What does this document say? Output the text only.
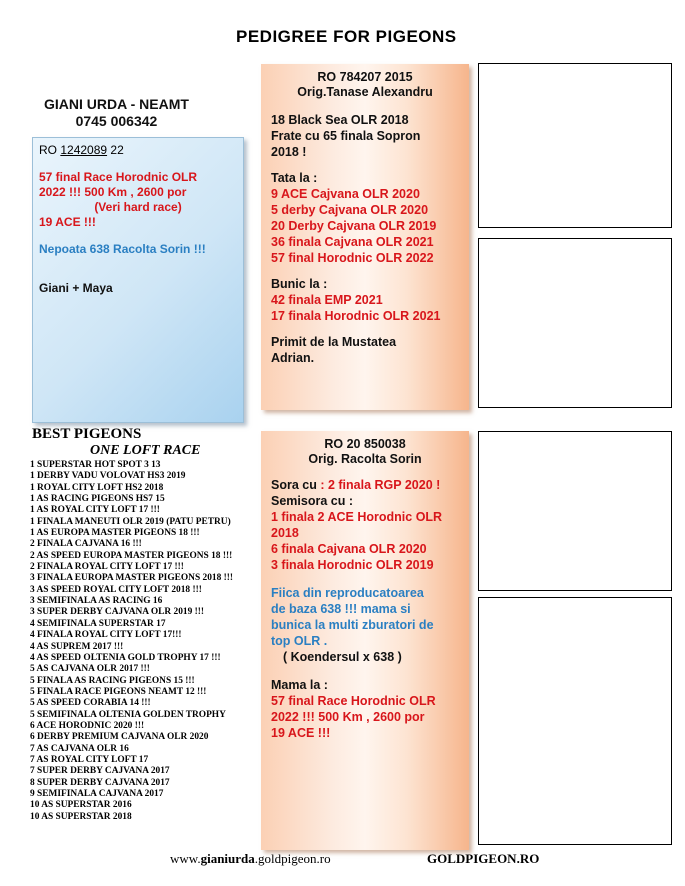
PEDIGREE FOR PIGEONS
GIANI URDA - NEAMT
0745 006342
RO 1242089 22
57 final Race Horodnic OLR
2022 !!! 500 Km , 2600 por
(Veri hard race)
19 ACE !!!
Nepoata 638 Racolta Sorin !!!
Giani + Maya
RO 784207 2015
Orig.Tanase Alexandru
18 Black Sea OLR 2018
Frate cu 65 finala Sopron
2018 !
Tata la :
9 ACE Cajvana OLR 2020
5 derby Cajvana OLR 2020
20 Derby Cajvana OLR 2019
36 finala Cajvana OLR 2021
57 final Horodnic OLR 2022
Bunic la :
42 finala EMP 2021
17 finala Horodnic OLR 2021
Primit de la Mustatea
Adrian.
RO 20 850038
Orig. Racolta Sorin
Sora cu : 2 finala RGP 2020 !
Semisora cu :
1 finala 2 ACE Horodnic OLR
2018
6 finala Cajvana OLR 2020
3 finala Horodnic OLR 2019
Fiica din reproducatoarea
de baza 638 !!! mama si
bunica la multi zburatori de
top OLR .
( Koendersul x 638 )
Mama la :
57 final Race Horodnic OLR
2022 !!! 500 Km , 2600 por
19 ACE !!!
BEST PIGEONS
ONE LOFT RACE
1 SUPERSTAR HOT SPOT 3 13
1 DERBY VADU VOLOVAT HS3 2019
1 ROYAL CITY LOFT HS2 2018
1 AS RACING PIGEONS HS7 15
1 AS ROYAL CITY LOFT 17 !!!
1 FINALA MANEUTI OLR 2019 (PATU PETRU)
1 AS EUROPA MASTER PIGEONS 18 !!!
2 FINALA CAJVANA 16 !!!
2 AS SPEED EUROPA MASTER PIGEONS 18 !!!
2 FINALA ROYAL CITY LOFT 17 !!!
3 FINALA EUROPA MASTER PIGEONS 2018 !!!
3 AS SPEED ROYAL CITY LOFT 2018 !!!
3 SEMIFINALA AS RACING 16
3 SUPER DERBY CAJVANA OLR 2019 !!!
4 SEMIFINALA SUPERSTAR 17
4 FINALA ROYAL CITY LOFT 17!!!
4 AS SUPREM 2017 !!!
4 AS SPEED OLTENIA GOLD TROPHY 17 !!!
5 AS CAJVANA OLR 2017 !!!
5 FINALA AS RACING PIGEONS 15 !!!
5 FINALA RACE PIGEONS NEAMT 12 !!!
5 AS SPEED CORABIA 14 !!!
5 SEMIFINALA OLTENIA GOLDEN TROPHY
6 ACE HORODNIC 2020 !!!
6 DERBY PREMIUM CAJVANA OLR 2020
7 AS CAJVANA OLR 16
7 AS ROYAL CITY LOFT 17
7 SUPER DERBY CAJVANA 2017
8 SUPER DERBY CAJVANA 2017
9 SEMIFINALA CAJVANA 2017
10 AS SUPERSTAR 2016
10 AS SUPERSTAR 2018
www.gianiurda.goldpigeon.ro	GOLDPIGEON.RO
